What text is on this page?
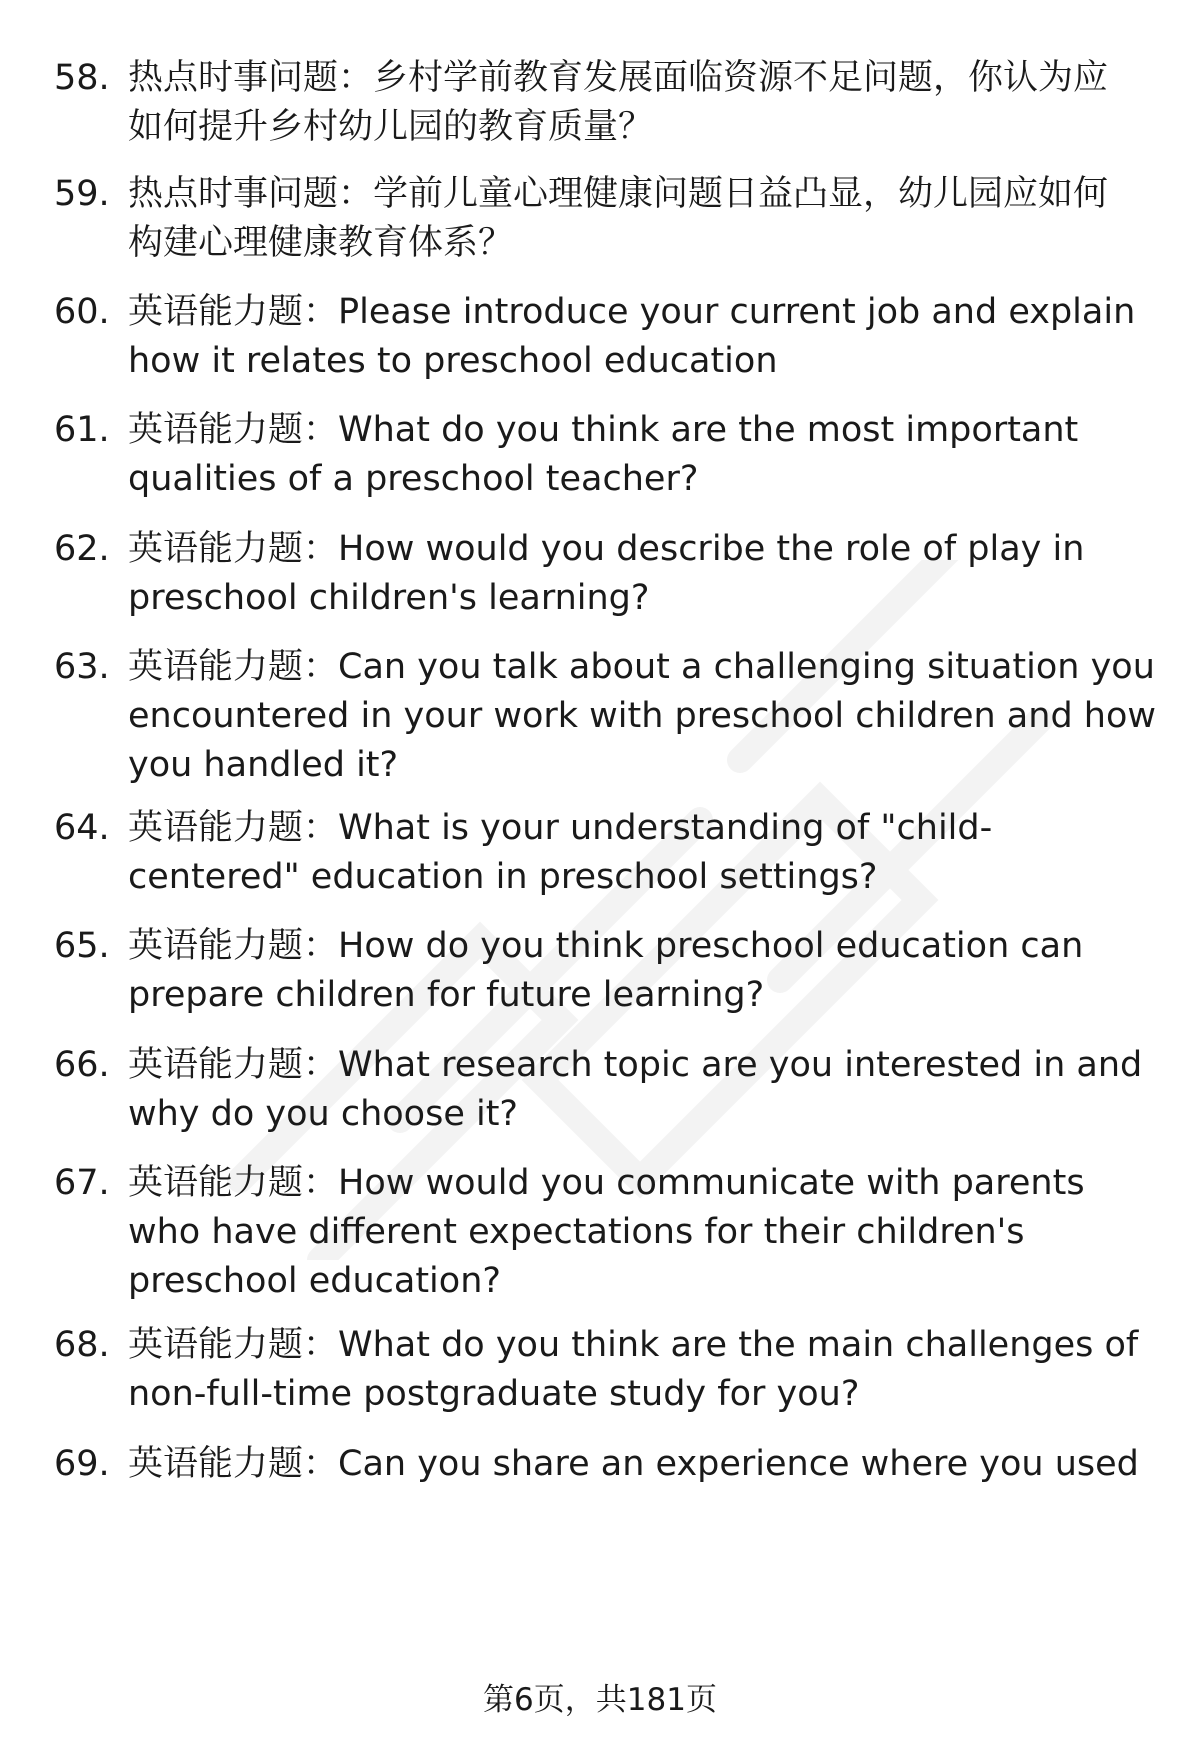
58. 热点时事问题：乡村学前教育发展面临资源不足问题，你认为应
如何提升乡村幼儿园的教育质量？
59. 热点时事问题：学前儿童心理健康问题日益凸显，幼儿园应如何
构建心理健康教育体系？
60. 英语能力题：Please introduce your current job and explain
how it relates to preschool education
61. 英语能力题：What do you think are the most important
qualities of a preschool teacher?
62. 英语能力题：How would you describe the role of play in
preschool children's learning?
63. 英语能力题：Can you talk about a challenging situation you
encountered in your work with preschool children and how
you handled it?
64. 英语能力题：What is your understanding of "child-
centered" education in preschool settings?
65. 英语能力题：How do you think preschool education can
prepare children for future learning?
66. 英语能力题：What research topic are you interested in and
why do you choose it?
67. 英语能力题：How would you communicate with parents
who have different expectations for their children's
preschool education?
68. 英语能力题：What do you think are the main challenges of
non-full-time postgraduate study for you?
69. 英语能力题：Can you share an experience where you used
第6页，共181页
